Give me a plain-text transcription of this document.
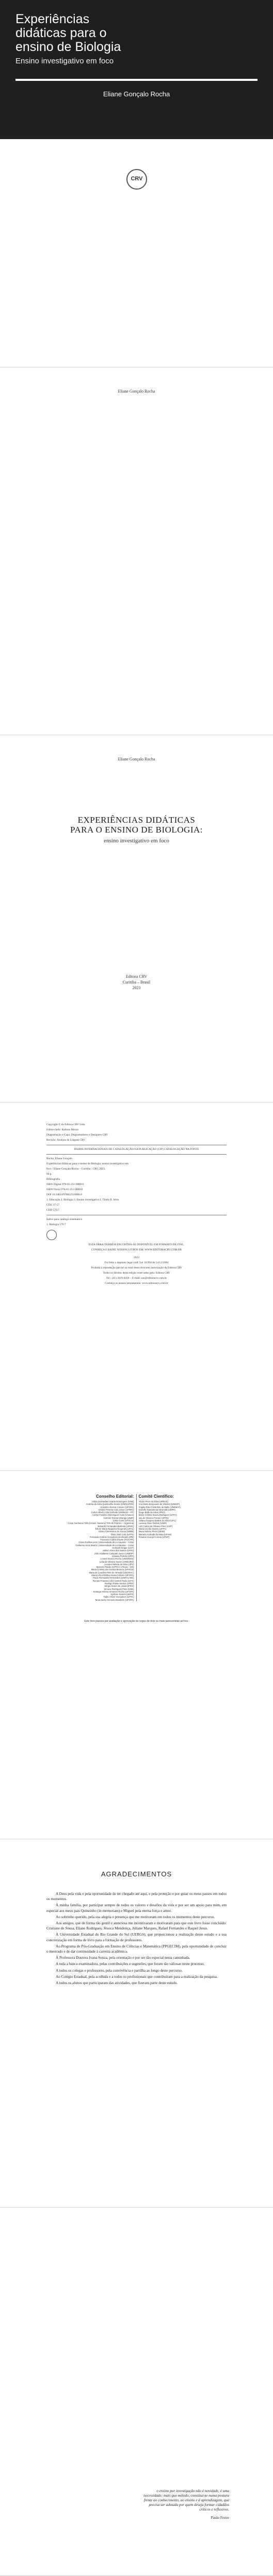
Experiências
didáticas para o
ensino de Biologia
Ensino investigativo em foco
Eliane Gonçalo Rocha
CRV
Eliane Gonçalo Rocha
Eliane Gonçalo Rocha
EXPERIÊNCIAS DIDÁTICAS
PARA O ENSINO DE BIOLOGIA:
ensino investigativo em foco
Editora CRV
Curitiba – Brasil
2023

Copyright © da Editora CRV Ltda.

Editor-chefe: Railson Moura

Diagramação e Capa: Diagramadores e Designers CRV

Revisão: Analista de Línguas CRV

DADOS INTERNACIONAIS DE CATALOGAÇÃO NA PUBLICAÇÃO (CIP) CATALOGAÇÃO NA FONTE

Rocha, Eliane Gonçalo

Experiências didáticas para o ensino de Biologia: ensino investigativo em

foco / Eliane Gonçalo Rocha – Curitiba : CRV, 2023.

94 p.

Bibliografia

ISBN Digital 978-65-251-0000-0

ISBN Físico 978-65-251-0000-0

DOI 10.24824/978652510000.0

1. Educação 2. Biologia 3. Ensino investigativo I. Título II. Série

CDU 37:57

CDD 570.7

Índice para catálogo sistemático

1. Biologia 570.7

ESTA OBRA TAMBÉM ENCONTRA-SE DISPONÍVEL EM FORMATO DIGITAL.

CONHEÇA E BAIXE NOSSOS LIVROS EM: WWW.EDITORACRV.COM.BR

2023

Foi feito o depósito legal conf. Lei 10.994 de 14/12/2004

Proibida a reprodução parcial ou total desta obra sem autorização da Editora CRV

Todos os direitos desta edição reservados pela: Editora CRV

Tel.: (41) 3039-6418 – E-mail: sac@editoracrv.com.br

Conheça os nossos lançamentos: www.editoracrv.com.br

Conselho Editorial:
Aldira Guimarães Duarte Domínguez (UNB)
Andréia da Silva Quintanilha Sousa (UNIR/UFRN)
Anselmo Alencar Colares (UFOPA)
Antônio Pereira Gaio Júnior (UFRRJ)
Carlos Alberto Vilar Estêvão (UMINHO – PT)
Carlos Federico Dominguez Avila (Unieuro)
Carmen Tereza Velanga (UNIR)
Celso Conti (UFSCar)
Cesar Gerónimo Tello (Univer. Nacional Três de Febrero – Argentina)
Eduardo Fernandes Barbosa (UFMG)
Elione Maria Nogueira Diogenes (UFAL)
Elizeu Clementino de Souza (UNEB)
Élsio José Corá (UFFS)
Fernando Antônio Gonçalves Alcoforado (IPB)
Francisco Carlos Duarte (PUC-PR)
Gloria Fariñas León (Universidade de La Havana – Cuba)
Guillermo Arias Beatón (Universidade de La Havana – Cuba)
Helmuth Krüger (UCP)
Jailson Alves dos Santos (UFRJ)
João Adalberto Campato Junior (UNESP)
Josania Portela (UFPI)
Leonel Severo Rocha (UNISINOS)
Lídia de Oliveira Xavier (UNIEURO)
Lourdes Helena da Silva (UFV)
Marcelo Paixão (UFRJ e UTexas – US)
Maria Cristina dos Santos Bezerra (UFSCar)
Maria de Lourdes Pinto de Almeida (UNOESC)
Maria Lília Imbiriba Sousa Colares (UFOPA)
Paulo Romualdo Hernandes (UNIFAL-MG)
Renato Francisco dos Santos Paula (UFG)
Rodrigo Pratte-Santos (UFES)
Sérgio Nunes de Jesus (IFRO)
Simone Rodrigues Pinto (UNB)
Solange Helena Ximenes-Rocha (UFOPA)
Sydione Santos (UEPG)
Tadeu Oliver Gonçalves (UFPA)
Tania Suely Azevedo Brasileiro (UFOPA)
Comitê Científico:
Alvaro Pires da Silva (UFRGS)
Ana Maria Bonjovane de Oliveira (UNESP)
Ângela Rita Christofolo de Mello (UNEMAT)
Danielle Nakadomari Brumatti (UEPR)
Diogo Balbi da Silva (IFRO)
Elane Cristina Souza Rodrigues (UFPA)
Iara de Oliveira Pontes (UFRN)
Juliana Gargioni Bastos da Silva (UFC)
Luciana Alves Dantas (UNIR)
Luís Carlos de Oliveira Pires (USP)
Maria Cecília Soares (UFPA)
Maria Helena Pires (UESB)
Mariana Andrade da Mota (UFAM)
Rosana Arcanjo Correia (UFMT)
Este livro passou por avaliação e aprovação às cegas de dois ou mais pareceristas ad hoc.
AGRADECIMENTOS

A Deus pela vida e pela oportunidade de ter chegado até aqui, e pela proteção e por guiar os meus passos em todos os momentos.

À minha família, por participar sempre de todos os valores e desafios da vida e por ser um apoio para mim, em especial aos meus pais Quinzinho (in memoriam) e Miguel pela eterna força e amor.

Ao sobrinho querido, pela sua alegria e presença que me motivaram em todos os momentos deste percurso.

Aos amigos, que de forma tão gentil e atenciosa me incentivaram e motivaram para que este livro fosse concluído: Cristiane de Sousa, Eliane Rodrigues, Jéssica Mendonça, Juliane Marques, Rafael Fernandes e Raquel Jesus.

À Universidade Estadual do Rio Grande do Sul (UERGS), que proporcionou a realização desse estudo e a sua concretização em forma de livro para a formação de professores.

Ao Programa de Pós-Graduação em Ensino de Ciências e Matemática (PPGECIM), pela oportunidade de concluir o mestrado e de dar continuidade à carreira acadêmica.

À Professora Doutora Ivana Souza, pela orientação e por ser tão especial nesta caminhada.

A toda a banca examinadora, pelas contribuições e sugestões, que foram tão valiosas neste processo.

A todos os colegas e professores, pela convivência e partilha ao longo deste percurso.

Ao Colégio Estadual, pela acolhida e a todos os profissionais que contribuíram para a realização da pesquisa.

A todos os alunos que participaram das atividades, que fizeram parte deste estudo.

o ensino por investigação não é novidade, é uma necessidade; mais que método, constitui-se numa postura frente ao conhecimento, ao ensino e à aprendizagem, que precisa ser adotada por quem deseja formar cidadãos críticos e reflexivos.
Paulo Freire
